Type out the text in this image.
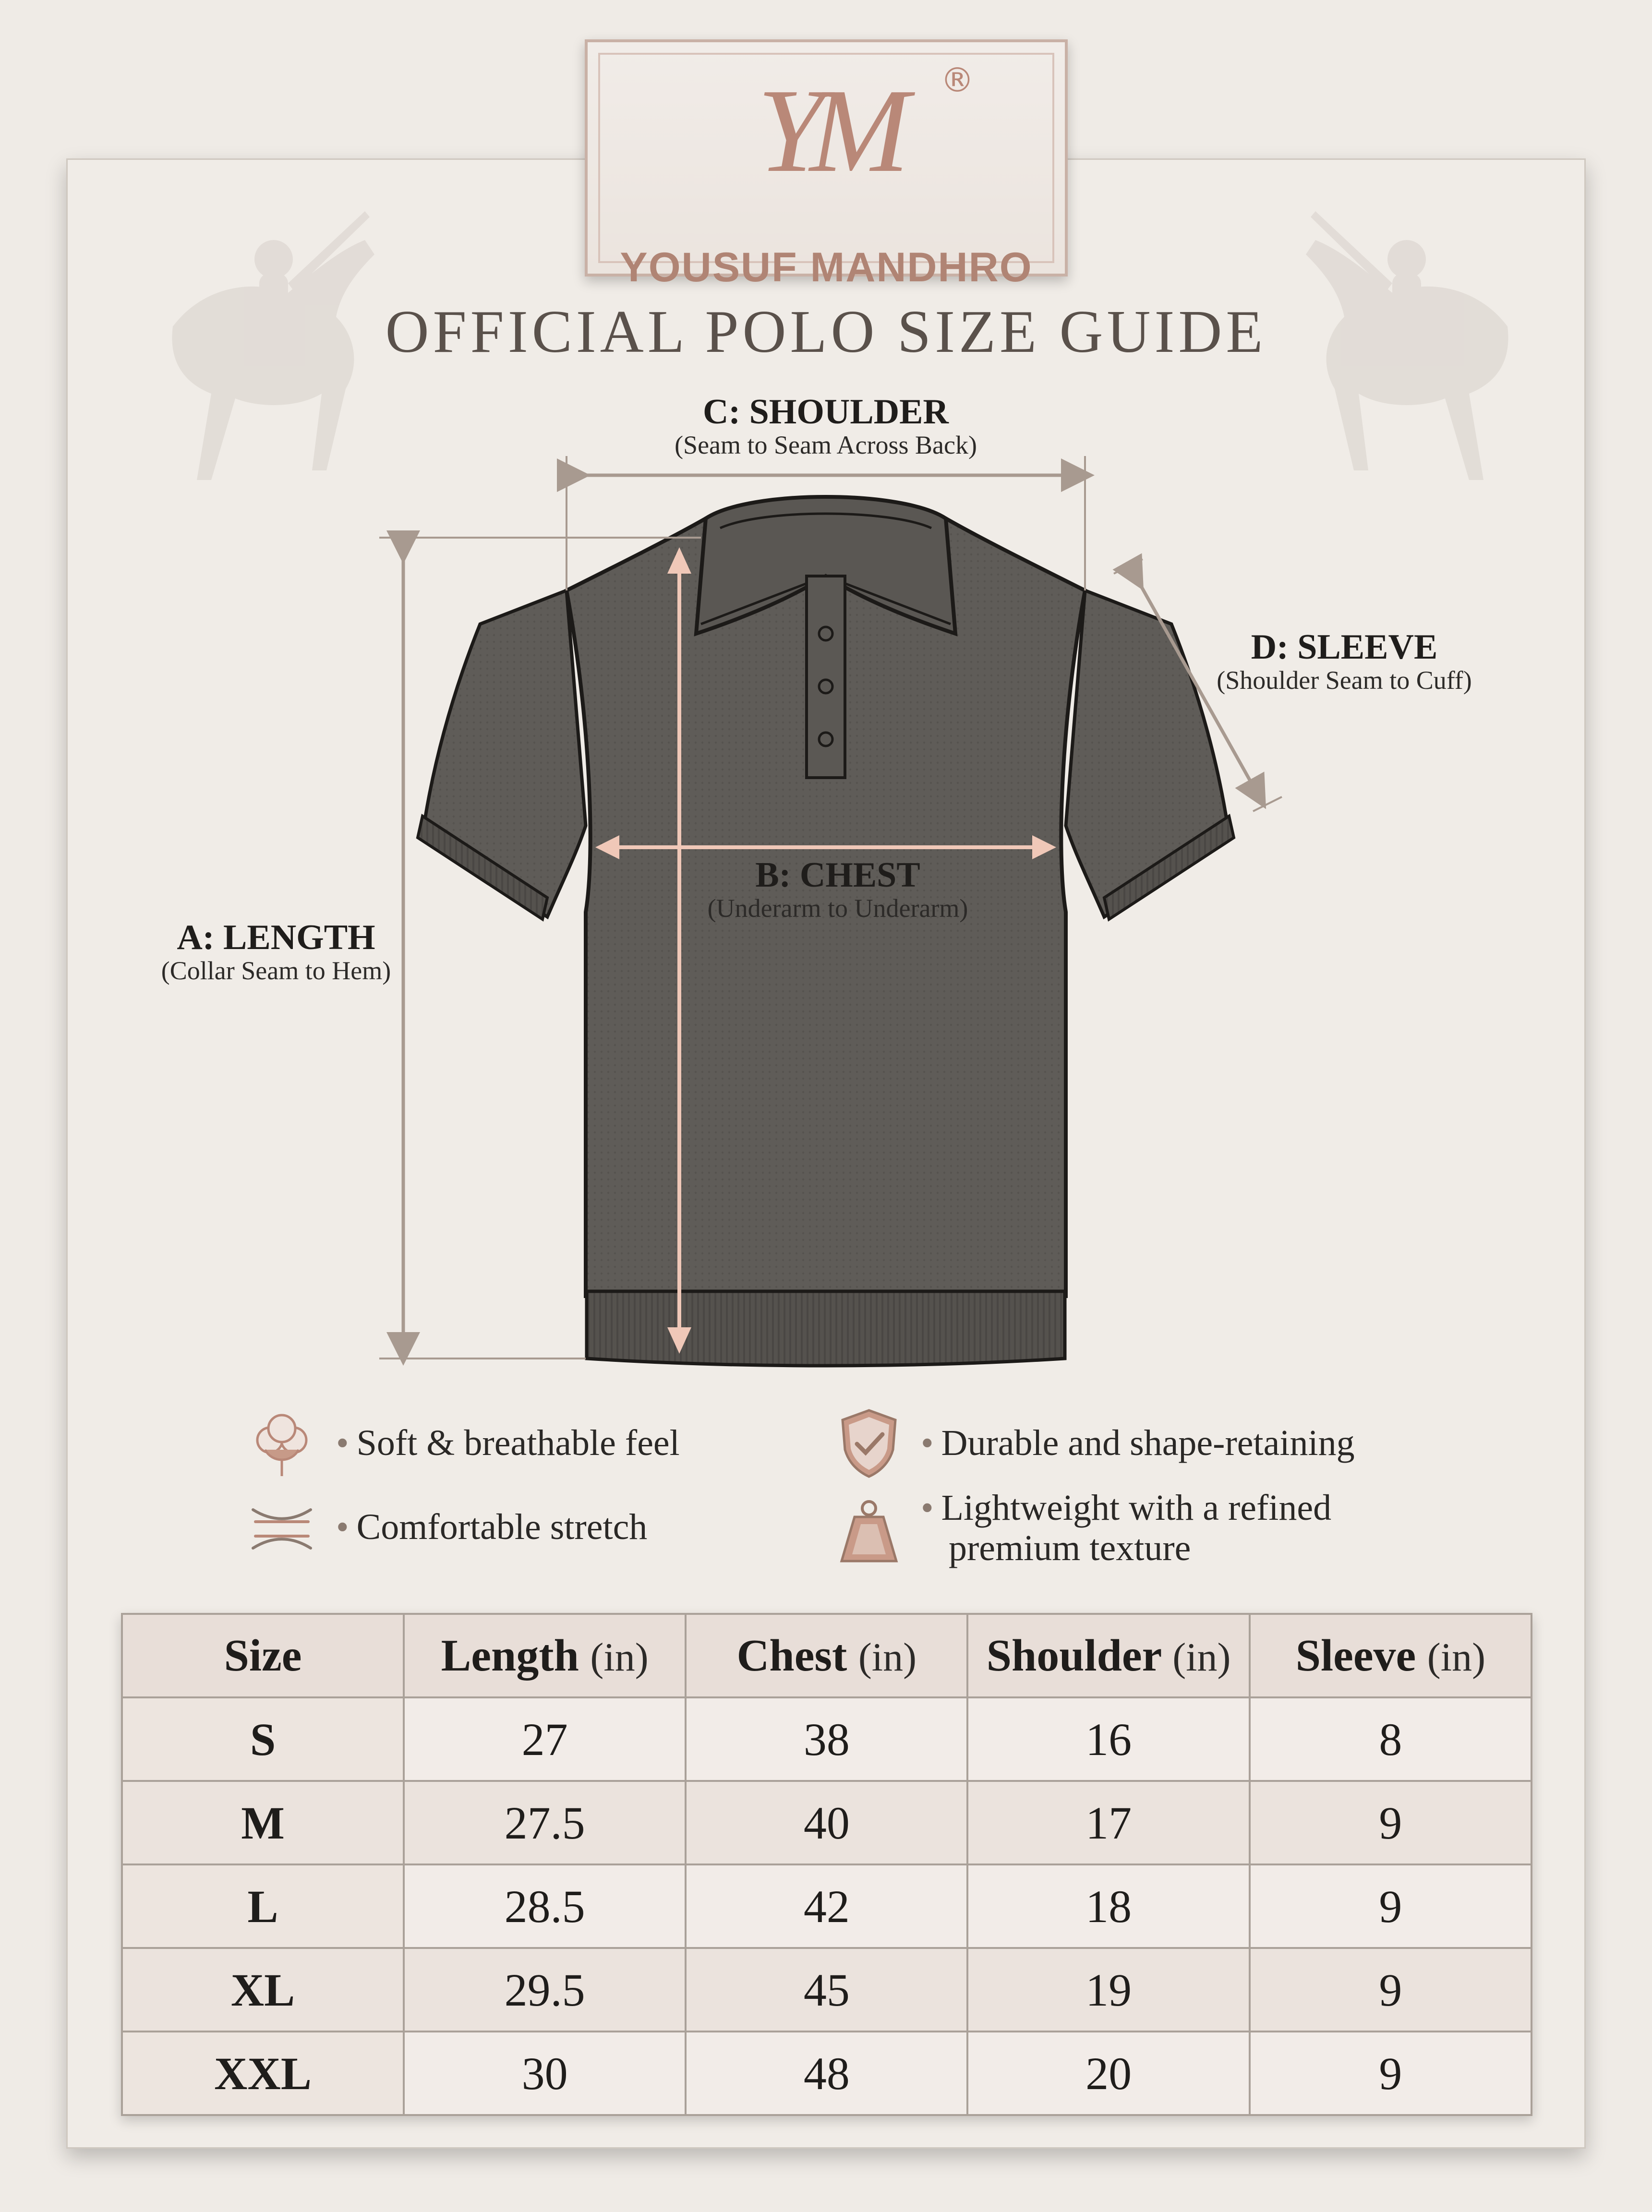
YM	®
YOUSUF MANDHRO
OFFICIAL POLO SIZE GUIDE
C: SHOULDER
(Seam to Seam Across Back)
D: SLEEVE
(Shoulder Seam to Cuff)
B: CHEST
(Underarm to Underarm)
A: LENGTH
(Collar Seam to Hem)
• Soft & breathable feel
• Comfortable stretch
• Durable and shape-retaining
• Lightweight with a refined
premium texture
Size	Length (in)	Chest (in)	Shoulder (in)	Sleeve (in)
S	27	38	16	8
M	27.5	40	17	9
L	28.5	42	18	9
XL	29.5	45	19	9
XXL	30	48	20	9
